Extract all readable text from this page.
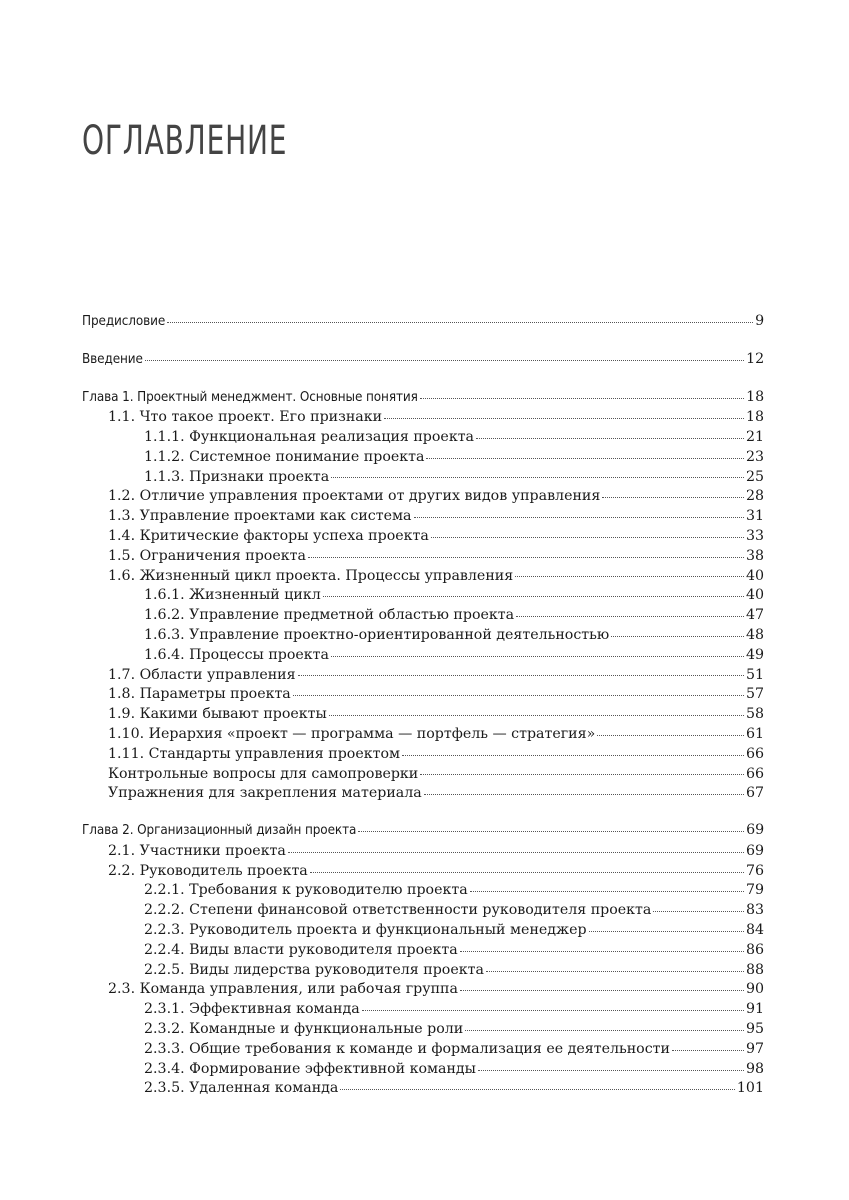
ОГЛАВЛЕНИЕ
Предисловие	9
Введение	12
Глава 1. Проектный менеджмент. Основные понятия	18
1.1. Что такое проект. Его признаки	18
1.1.1. Функциональная реализация проекта	21
1.1.2. Системное понимание проекта	23
1.1.3. Признаки проекта	25
1.2. Отличие управления проектами от других видов управления	28
1.3. Управление проектами как система	31
1.4. Критические факторы успеха проекта	33
1.5. Ограничения проекта	38
1.6. Жизненный цикл проекта. Процессы управления	40
1.6.1. Жизненный цикл	40
1.6.2. Управление предметной областью проекта	47
1.6.3. Управление проектно-ориентированной деятельностью	48
1.6.4. Процессы проекта	49
1.7. Области управления	51
1.8. Параметры проекта	57
1.9. Какими бывают проекты	58
1.10. Иерархия «проект — программа — портфель — стратегия»	61
1.11. Стандарты управления проектом	66
Контрольные вопросы для самопроверки	66
Упражнения для закрепления материала	67
Глава 2. Организационный дизайн проекта	69
2.1. Участники проекта	69
2.2. Руководитель проекта	76
2.2.1. Требования к руководителю проекта	79
2.2.2. Степени финансовой ответственности руководителя проекта	83
2.2.3. Руководитель проекта и функциональный менеджер	84
2.2.4. Виды власти руководителя проекта	86
2.2.5. Виды лидерства руководителя проекта	88
2.3. Команда управления, или рабочая группа	90
2.3.1. Эффективная команда	91
2.3.2. Командные и функциональные роли	95
2.3.3. Общие требования к команде и формализация ее деятельности	97
2.3.4. Формирование эффективной команды	98
2.3.5. Удаленная команда	101
